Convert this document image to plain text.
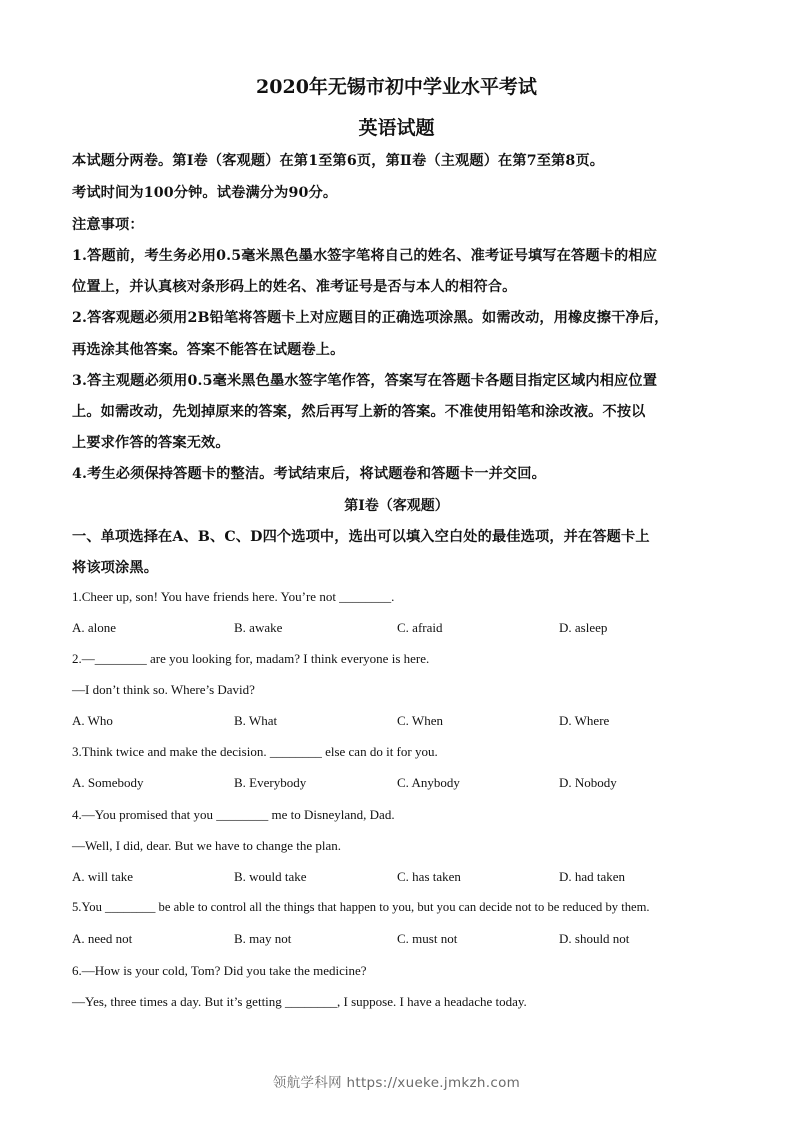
2020年无锡市初中学业水平考试
英语试题
本试题分两卷。第Ⅰ卷（客观题）在第1至第6页，第Ⅱ卷（主观题）在第7至第8页。
考试时间为100分钟。试卷满分为90分。
注意事项：
1.答题前，考生务必用0.5毫米黑色墨水签字笔将自己的姓名、准考证号填写在答题卡的相应
位置上，并认真核对条形码上的姓名、准考证号是否与本人的相符合。
2.答客观题必须用2B铅笔将答题卡上对应题目的正确选项涂黑。如需改动，用橡皮擦干净后，
再选涂其他答案。答案不能答在试题卷上。
3.答主观题必须用0.5毫米黑色墨水签字笔作答，答案写在答题卡各题目指定区域内相应位置
上。如需改动，先划掉原来的答案，然后再写上新的答案。不准使用铅笔和涂改液。不按以
上要求作答的答案无效。
4.考生必须保持答题卡的整洁。考试结束后，将试题卷和答题卡一并交回。
第Ⅰ卷（客观题）
一、单项选择在A、B、C、D四个选项中，选出可以填入空白处的最佳选项，并在答题卡上
将该项涂黑。
1.Cheer up, son! You have friends here. You’re not ________.
A. alone	B. awake	C. afraid	D. asleep
2.—________ are you looking for, madam? I think everyone is here.
—I don’t think so. Where’s David?
A. Who	B. What	C. When	D. Where
3.Think twice and make the decision. ________ else can do it for you.
A. Somebody	B. Everybody	C. Anybody	D. Nobody
4.—You promised that you ________ me to Disneyland, Dad.
—Well, I did, dear. But we have to change the plan.
A. will take	B. would take	C. has taken	D. had taken
5.You ________ be able to control all the things that happen to you, but you can decide not to be reduced by them.
A. need not	B. may not	C. must not	D. should not
6.—How is your cold, Tom? Did you take the medicine?
—Yes, three times a day. But it’s getting ________, I suppose. I have a headache today.
领航学科网 https://xueke.jmkzh.com
